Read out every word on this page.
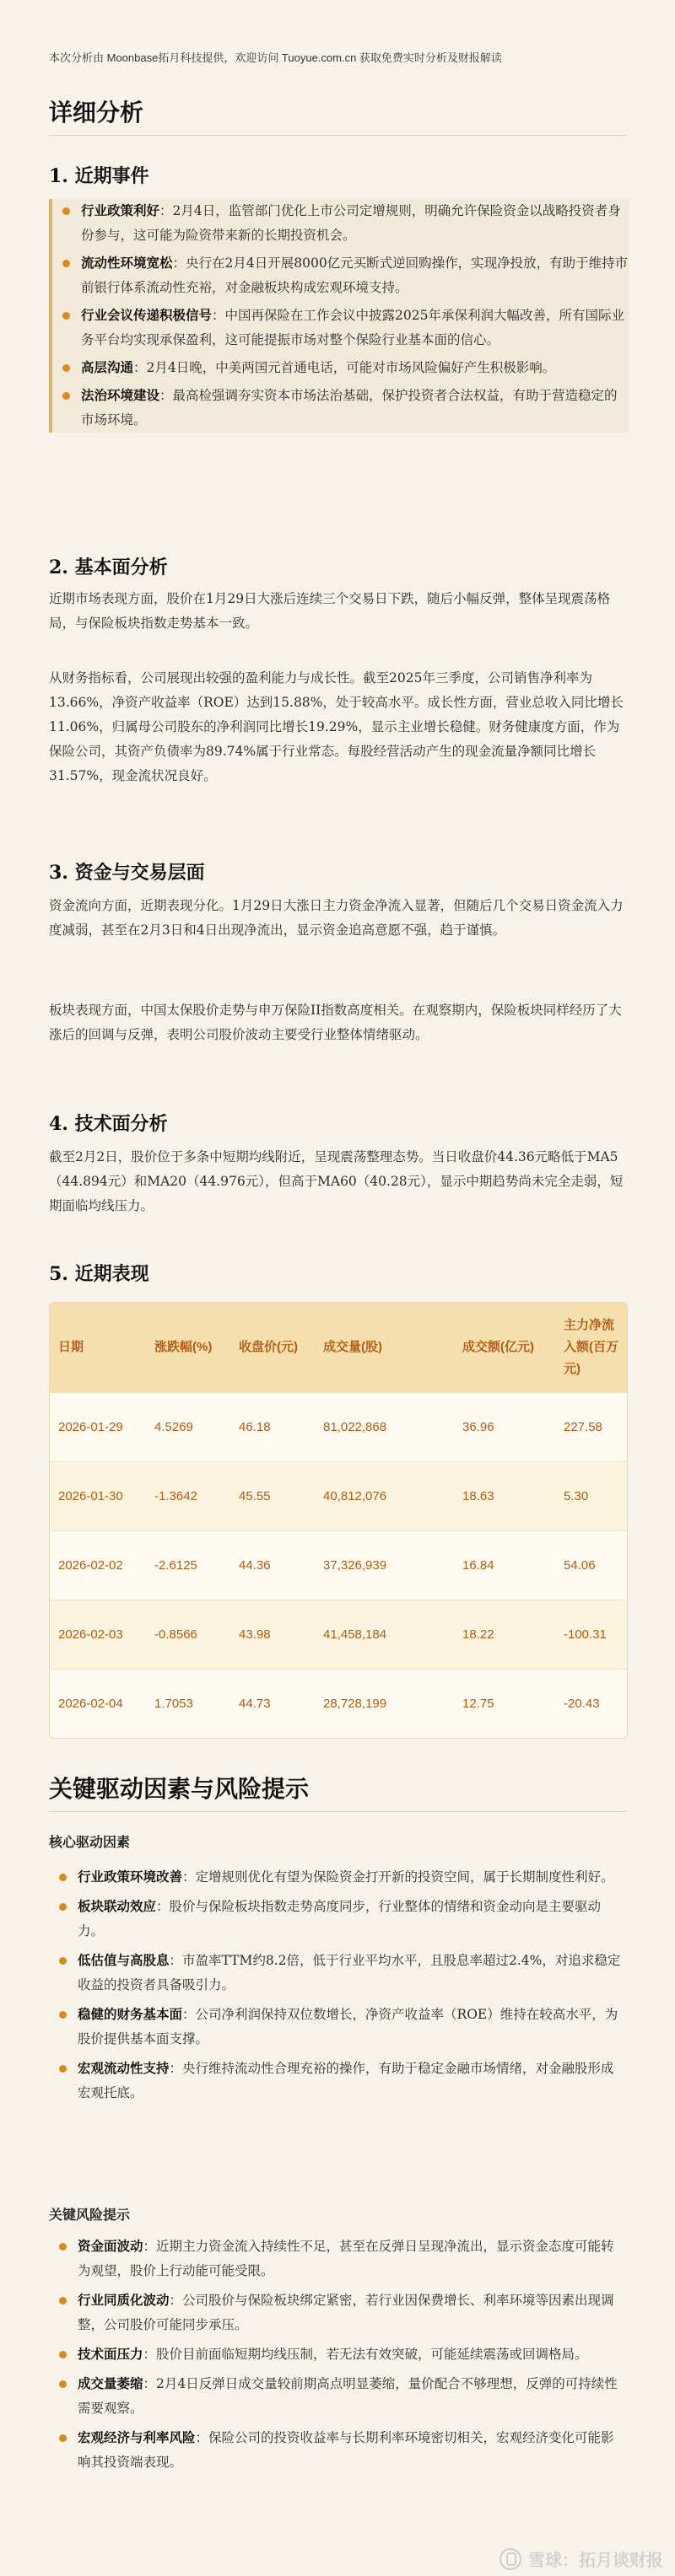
本次分析由 Moonbase拓月科技提供，欢迎访问 Tuoyue.com.cn 获取免费实时分析及财报解读
详细分析
1. 近期事件
行业政策利好：2月4日，监管部门优化上市公司定增规则，明确允许保险资金以战略投资者身份参与，这可能为险资带来新的长期投资机会。
流动性环境宽松：央行在2月4日开展8000亿元买断式逆回购操作，实现净投放，有助于维持市前银行体系流动性充裕，对金融板块构成宏观环境支持。
行业会议传递积极信号：中国再保险在工作会议中披露2025年承保利润大幅改善，所有国际业务平台均实现承保盈利，这可能提振市场对整个保险行业基本面的信心。
高层沟通：2月4日晚，中美两国元首通电话，可能对市场风险偏好产生积极影响。
法治环境建设：最高检强调夯实资本市场法治基础，保护投资者合法权益，有助于营造稳定的市场环境。
2. 基本面分析

近期市场表现方面，股价在1月29日大涨后连续三个交易日下跌，随后小幅反弹，整体呈现震荡格局，与保险板块指数走势基本一致。

从财务指标看，公司展现出较强的盈利能力与成长性。截至2025年三季度，公司销售净利率为13.66%，净资产收益率（ROE）达到15.88%，处于较高水平。成长性方面，营业总收入同比增长11.06%，归属母公司股东的净利润同比增长19.29%，显示主业增长稳健。财务健康度方面，作为保险公司，其资产负债率为89.74%属于行业常态。每股经营活动产生的现金流量净额同比增长31.57%，现金流状况良好。

3. 资金与交易层面

资金流向方面，近期表现分化。1月29日大涨日主力资金净流入显著，但随后几个交易日资金流入力度减弱，甚至在2月3日和4日出现净流出，显示资金追高意愿不强，趋于谨慎。

板块表现方面，中国太保股价走势与申万保险II指数高度相关。在观察期内，保险板块同样经历了大涨后的回调与反弹，表明公司股价波动主要受行业整体情绪驱动。

4. 技术面分析

截至2月2日，股价位于多条中短期均线附近，呈现震荡整理态势。当日收盘价44.36元略低于MA5（44.894元）和MA20（44.976元），但高于MA60（40.28元），显示中期趋势尚未完全走弱，短期面临均线压力。

5. 近期表现
日期	涨跌幅(%)	收盘价(元)	成交量(股)	成交额(亿元)	主力净流入额(百万元)
2026-01-29	4.5269	46.18	81,022,868	36.96	227.58
2026-01-30	-1.3642	45.55	40,812,076	18.63	5.30
2026-02-02	-2.6125	44.36	37,326,939	16.84	54.06
2026-02-03	-0.8566	43.98	41,458,184	18.22	-100.31
2026-02-04	1.7053	44.73	28,728,199	12.75	-20.43
关键驱动因素与风险提示
核心驱动因素
行业政策环境改善：定增规则优化有望为保险资金打开新的投资空间，属于长期制度性利好。
板块联动效应：股价与保险板块指数走势高度同步，行业整体的情绪和资金动向是主要驱动力。
低估值与高股息：市盈率TTM约8.2倍，低于行业平均水平，且股息率超过2.4%，对追求稳定收益的投资者具备吸引力。
稳健的财务基本面：公司净利润保持双位数增长，净资产收益率（ROE）维持在较高水平，为股价提供基本面支撑。
宏观流动性支持：央行维持流动性合理充裕的操作，有助于稳定金融市场情绪，对金融股形成宏观托底。
关键风险提示
资金面波动：近期主力资金流入持续性不足，甚至在反弹日呈现净流出，显示资金态度可能转为观望，股价上行动能可能受限。
行业同质化波动：公司股价与保险板块绑定紧密，若行业因保费增长、利率环境等因素出现调整，公司股价可能同步承压。
技术面压力：股价目前面临短期均线压制，若无法有效突破，可能延续震荡或回调格局。
成交量萎缩：2月4日反弹日成交量较前期高点明显萎缩，量价配合不够理想，反弹的可持续性需要观察。
宏观经济与利率风险：保险公司的投资收益率与长期利率环境密切相关，宏观经济变化可能影响其投资端表现。
雪球：拓月谈财报
